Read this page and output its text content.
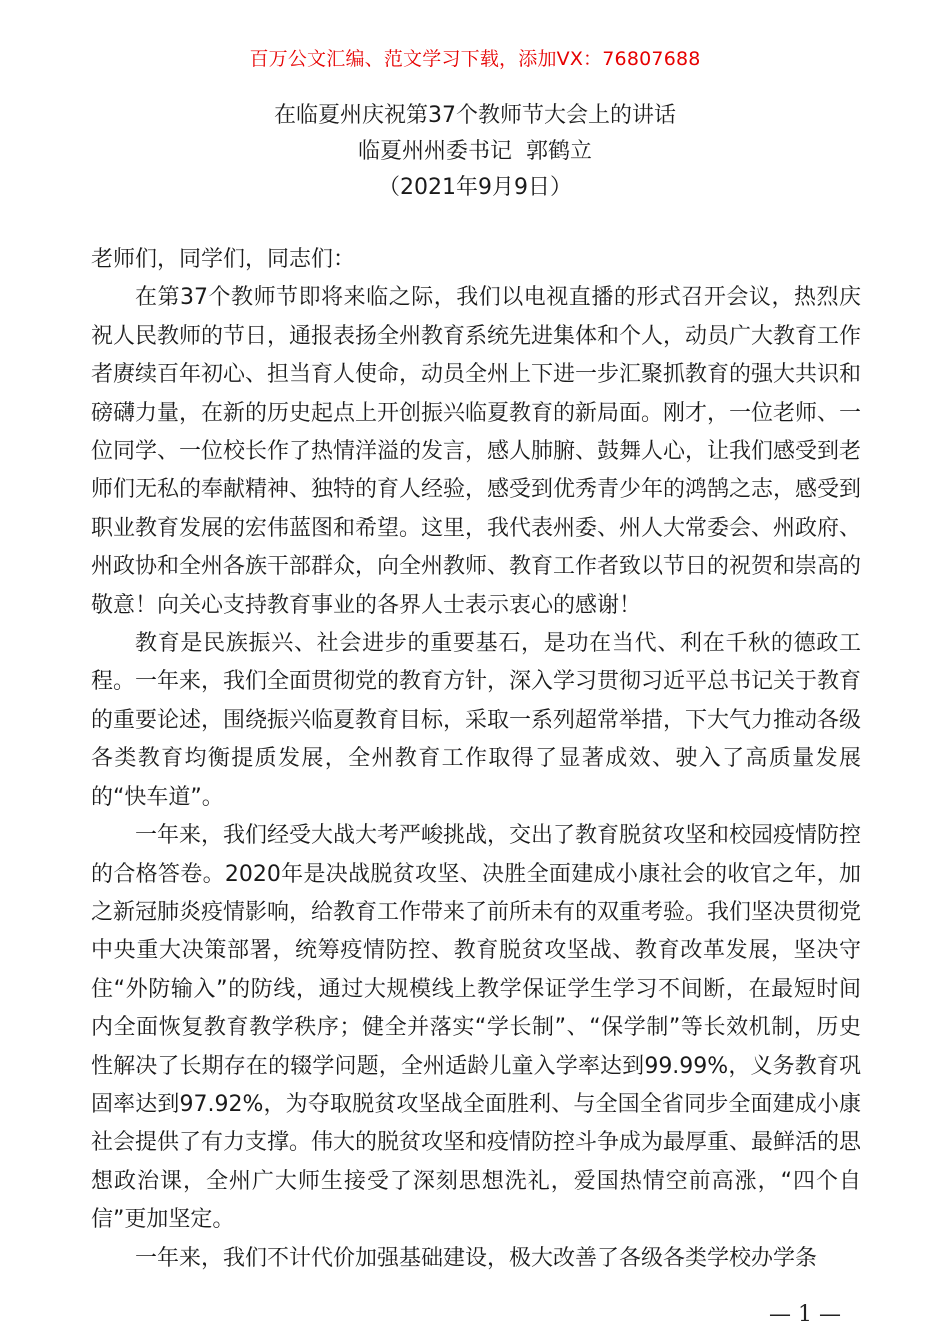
百万公文汇编、范文学习下载，添加VX：76807688
在临夏州庆祝第37个教师节大会上的讲话
临夏州州委书记  郭鹤立
（2021年9月9日）

老师们，同学们，同志们：

在第37个教师节即将来临之际，我们以电视直播的形式召开会议，热烈庆祝人民教师的节日，通报表扬全州教育系统先进集体和个人，动员广大教育工作者赓续百年初心、担当育人使命，动员全州上下进一步汇聚抓教育的强大共识和磅礴力量，在新的历史起点上开创振兴临夏教育的新局面。刚才，一位老师、一位同学、一位校长作了热情洋溢的发言，感人肺腑、鼓舞人心，让我们感受到老师们无私的奉献精神、独特的育人经验，感受到优秀青少年的鸿鹄之志，感受到职业教育发展的宏伟蓝图和希望。这里，我代表州委、州人大常委会、州政府、州政协和全州各族干部群众，向全州教师、教育工作者致以节日的祝贺和崇高的敬意！向关心支持教育事业的各界人士表示衷心的感谢！

教育是民族振兴、社会进步的重要基石，是功在当代、利在千秋的德政工程。一年来，我们全面贯彻党的教育方针，深入学习贯彻习近平总书记关于教育的重要论述，围绕振兴临夏教育目标，采取一系列超常举措，下大气力推动各级各类教育均衡提质发展，全州教育工作取得了显著成效、驶入了高质量发展的“快车道”。

一年来，我们经受大战大考严峻挑战，交出了教育脱贫攻坚和校园疫情防控的合格答卷。2020年是决战脱贫攻坚、决胜全面建成小康社会的收官之年，加之新冠肺炎疫情影响，给教育工作带来了前所未有的双重考验。我们坚决贯彻党中央重大决策部署，统筹疫情防控、教育脱贫攻坚战、教育改革发展，坚决守住“外防输入”的防线，通过大规模线上教学保证学生学习不间断，在最短时间内全面恢复教育教学秩序；健全并落实“学长制”、“保学制”等长效机制，历史性解决了长期存在的辍学问题，全州适龄儿童入学率达到99.99%，义务教育巩固率达到97.92%，为夺取脱贫攻坚战全面胜利、与全国全省同步全面建成小康社会提供了有力支撑。伟大的脱贫攻坚和疫情防控斗争成为最厚重、最鲜活的思想政治课，全州广大师生接受了深刻思想洗礼，爱国热情空前高涨，“四个自信”更加坚定。

一年来，我们不计代价加强基础建设，极大改善了各级各类学校办学条

— 1 —
